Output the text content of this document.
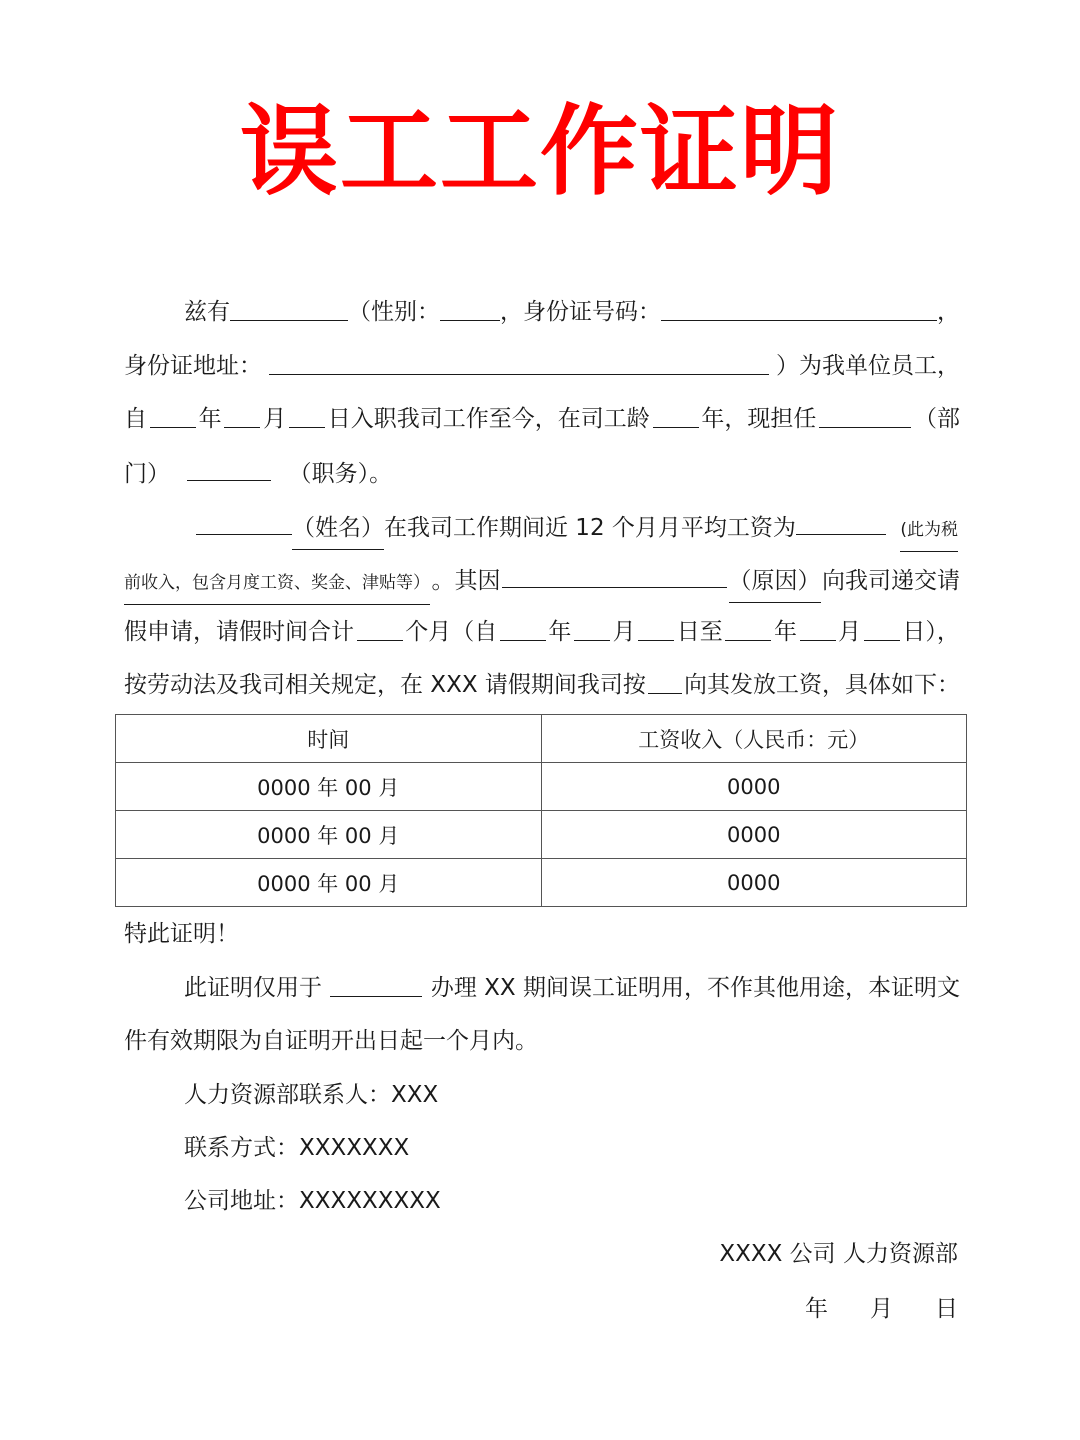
误工工作证明
兹有	（性别：	，身份证号码：	，
身份证地址：	）为我单位员工，
自 年 月 日入职我司工作至今，在司工龄 年，现担任	（部
门）	（职务）。
（姓名） 在我司工作期间近 12 个月月平均工资为	(此为税
前收入，包含月度工资、奖金、津贴等） 。其因	（原因） 向我司递交请
假申请，请假时间合计 个月（自 年 月 日至 年 月 日），
按劳动法及我司相关规定，在 XXX 请假期间我司按 向其发放工资，具体如下：
时间	工资收入（人民币：元）
0000 年 00 月	0000
0000 年 00 月	0000
0000 年 00 月	0000
特此证明！
此证明仅用于	办理 XX 期间误工证明用，不作其他用途，本证明文
件有效期限为自证明开出日起一个月内。
人力资源部联系人：XXX
联系方式：XXXXXXX
公司地址：XXXXXXXXX
XXXX 公司 人力资源部
年 月 日
